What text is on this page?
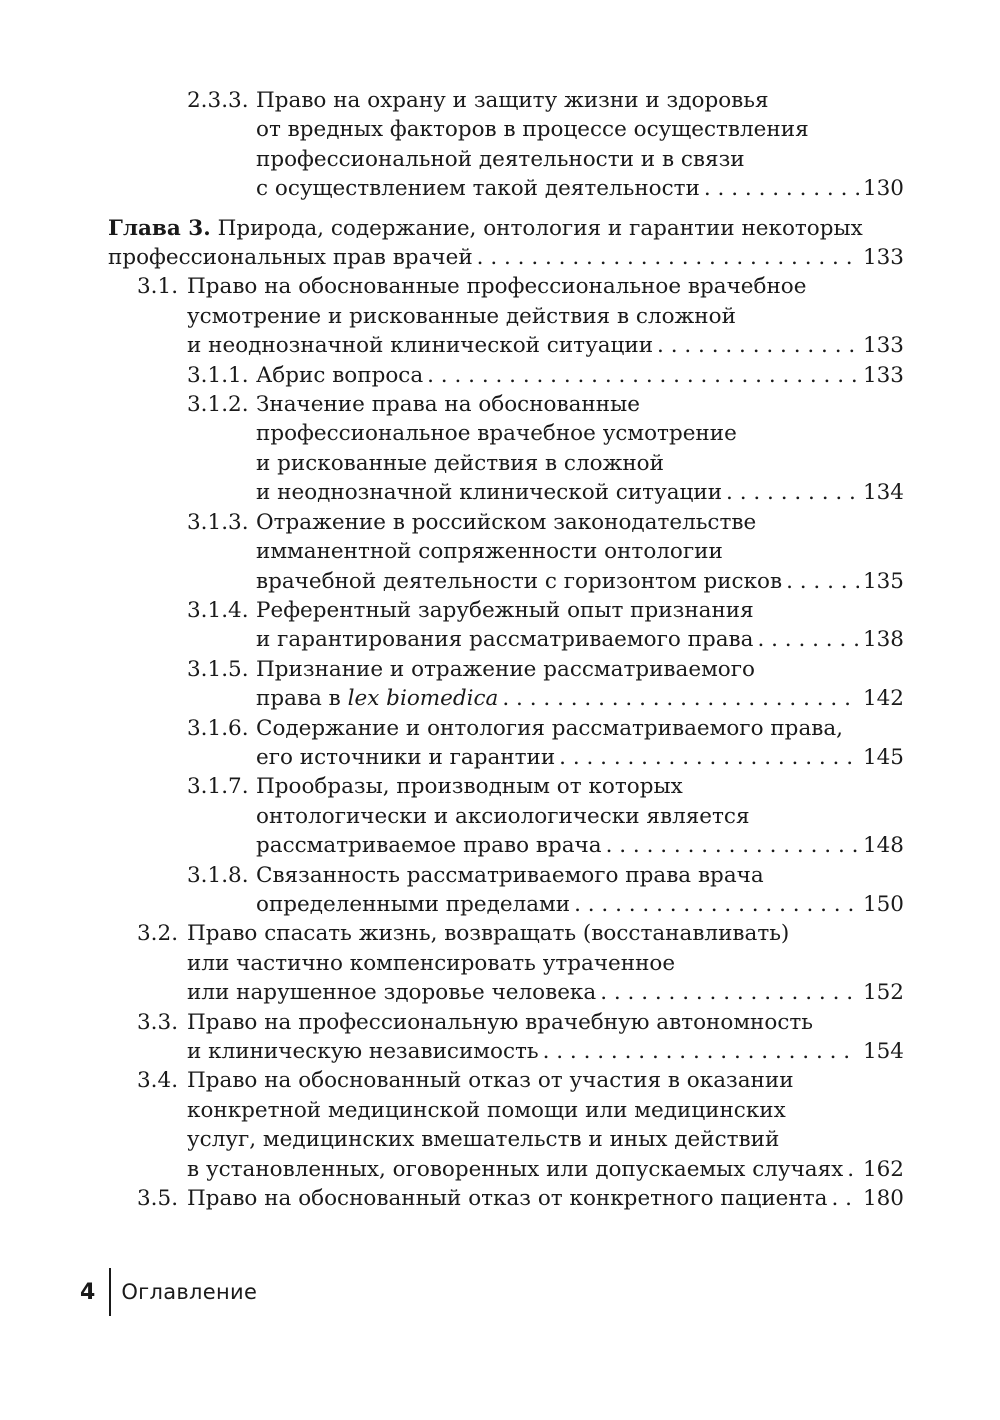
2.3.3. Право на охрану и защиту жизни и здоровья
от вредных факторов в процессе осуществления
профессиональной деятельности и в связи
с осуществлением такой деятельности . . .	130
Глава 3. Природа, содержание, онтология и гарантии некоторых
профессиональных прав врачей . . .	133
3.1. Право на обоснованные профессиональное врачебное
усмотрение и рискованные действия в сложной
и неоднозначной клинической ситуации . . .	133
3.1.1. Абрис вопроса . . .	133
3.1.2. Значение права на обоснованные
профессиональное врачебное усмотрение
и рискованные действия в сложной
и неоднозначной клинической ситуации . . .	134
3.1.3. Отражение в российском законодательстве
имманентной сопряженности онтологии
врачебной деятельности с горизонтом рисков . . .	135
3.1.4. Референтный зарубежный опыт признания
и гарантирования рассматриваемого права . . .	138
3.1.5. Признание и отражение рассматриваемого
права в lex biomedica . . .	142
3.1.6. Содержание и онтология рассматриваемого права,
его источники и гарантии . . .	145
3.1.7. Прообразы, производным от которых
онтологически и аксиологически является
рассматриваемое право врача . . .	148
3.1.8. Связанность рассматриваемого права врача
определенными пределами . . .	150
3.2. Право спасать жизнь, возвращать (восстанавливать)
или частично компенсировать утраченное
или нарушенное здоровье человека . . .	152
3.3. Право на профессиональную врачебную автономность
и клиническую независимость . . .	154
3.4. Право на обоснованный отказ от участия в оказании
конкретной медицинской помощи или медицинских
услуг, медицинских вмешательств и иных действий
в установленных, оговоренных или допускаемых случаях . . . 162
3.5. Право на обоснованный отказ от конкретного пациента . . . 180
4 Оглавление
